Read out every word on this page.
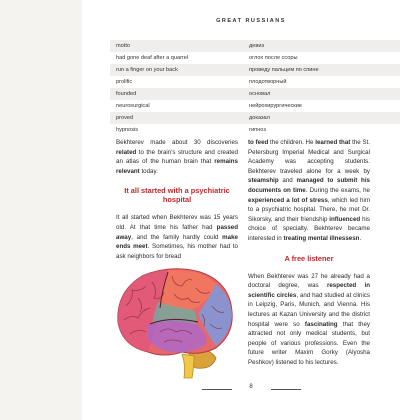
GREAT RUSSIANS
motto	девиз
had gone deaf after a quarrel	оглох после ссоры
run a finger on your back	проведу пальцем по спине
prolific	плодотворный
founded	основал
neurosurgical	нейрохирургические
proved	доказал
hypnosis	гипноз

Bekhterev made about 30 discoveries related to the brain's structure and created an atlas of the human brain that remains relevant today.

It all started with a psychiatric hospital

It all started when Bekhterev was 15 years old. At that time his father had passed away, and the family hardly could make ends meet. Sometimes, his mother had to ask neighbors for bread

to feed the children. He learned that the St. Petersburg Imperial Medical and Surgical Academy was accepting students. Bekhterev traveled alone for a week by steamship and managed to submit his documents on time. During the exams, he experienced a lot of stress, which led him to a psychiatric hospital. There, he met Dr. Sikorsky, and their friendship influenced his choice of specialty. Bekhterev became interested in treating mental illnessesn.

A free listener

When Bekhterev was 27 he already had a doctoral degree, was respected in scientific circles, and had studied at clinics in Leipzig, Paris, Munich, and Vienna. His lectures at Kazan University and the district hospital were so fascinating that they attracted not only medical students, but people of various professions. Even the future writer Maxim Gorky (Alyosha Peshkov) listened to his lectures.

8
